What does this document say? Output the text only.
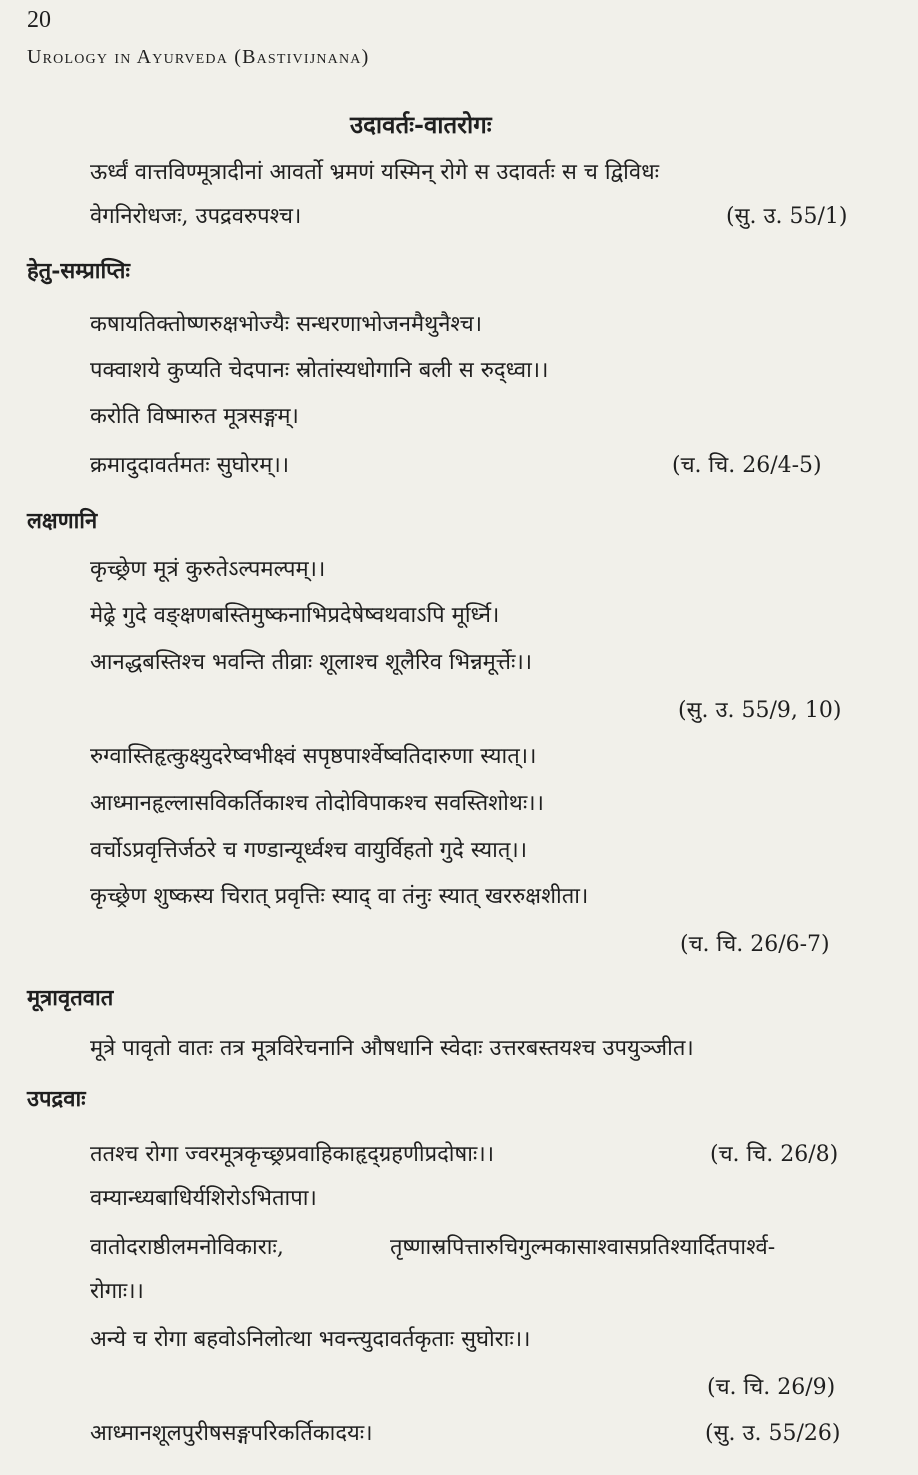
20
Urology in Ayurveda (Bastivijnana)
उदावर्तः-वातरोगः
ऊर्ध्वं वात्तविण्मूत्रादीनां आवर्तो भ्रमणं यस्मिन् रोगे स उदावर्तः स च द्विविधः
वेगनिरोधजः, उपद्रवरुपश्च।	(सु. उ. 55/1)
हेतु-सम्प्राप्तिः
कषायतिक्तोष्णरुक्षभोज्यैः सन्धरणाभोजनमैथुनैश्च।
पक्वाशये कुप्यति चेदपानः स्रोतांस्यधोगानि बली स रुद्ध्वा।।
करोति विष्मारुत मूत्रसङ्गम्।
क्रमादुदावर्तमतः सुघोरम्।।	(च. चि. 26/4-5)
लक्षणानि
कृच्छ्रेण मूत्रं कुरुतेऽल्पमल्पम्।।
मेढ्रे गुदे वङ्क्षणबस्तिमुष्कनाभिप्रदेषेष्वथवाऽपि मूर्ध्नि।
आनद्धबस्तिश्च भवन्ति तीव्राः शूलाश्च शूलैरिव भिन्नमूर्त्तेः।।
(सु. उ. 55/9, 10)
रुग्वास्तिहृत्कुक्ष्युदरेष्वभीक्ष्वं सपृष्ठपार्श्वेष्वतिदारुणा स्यात्।।
आध्मानहृल्लासविकर्तिकाश्च तोदोविपाकश्च सवस्तिशोथः।।
वर्चोऽप्रवृत्तिर्जठरे च गण्डान्यूर्ध्वश्च वायुर्विहतो गुदे स्यात्।।
कृच्छ्रेण शुष्कस्य चिरात् प्रवृत्तिः स्याद् वा तंनुः स्यात् खररुक्षशीता।
(च. चि. 26/6-7)
मूत्रावृतवात
मूत्रे पावृतो वातः तत्र मूत्रविरेचनानि औषधानि स्वेदाः उत्तरबस्तयश्च उपयुञ्जीत।
उपद्रवाः
ततश्च रोगा ज्वरमूत्रकृच्छ्रप्रवाहिकाहृद्ग्रहणीप्रदोषाः।।	(च. चि. 26/8)
वम्यान्ध्यबाधिर्यशिरोऽभितापा।
वातोदराष्ठीलमनोविकाराः,	तृष्णास्रपित्तारुचिगुल्मकासाश्वासप्रतिश्यार्दितपार्श्व-
रोगाः।।
अन्ये च रोगा बहवोऽनिलोत्था भवन्त्युदावर्तकृताः सुघोराः।।
(च. चि. 26/9)
आध्मानशूलपुरीषसङ्गपरिकर्तिकादयः।	(सु. उ. 55/26)
